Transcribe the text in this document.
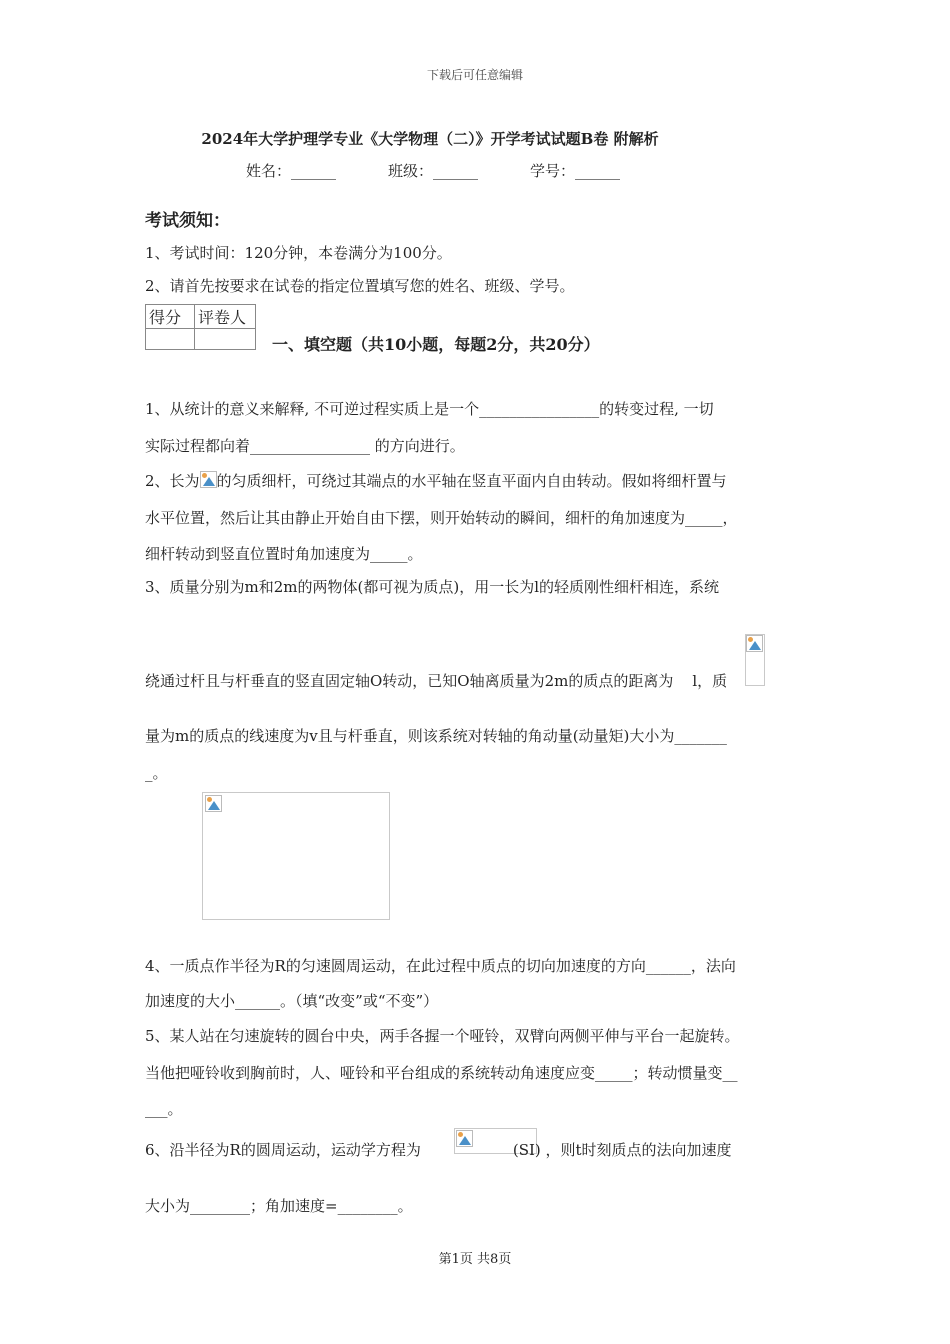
下载后可任意编辑
2024年大学护理学专业《大学物理（二）》开学考试试题B卷 附解析
姓名：______	班级：______	学号：______
考试须知：
1、考试时间：120分钟，本卷满分为100分。
2、请首先按要求在试卷的指定位置填写您的姓名、班级、学号。
得分	评卷人

一、填空题（共10小题，每题2分，共20分）
1、从统计的意义来解释, 不可逆过程实质上是一个________________的转变过程, 一切
实际过程都向着________________ 的方向进行。
2、长为 的匀质细杆，可绕过其端点的水平轴在竖直平面内自由转动。假如将细杆置与
水平位置，然后让其由静止开始自由下摆，则开始转动的瞬间，细杆的角加速度为_____，
细杆转动到竖直位置时角加速度为_____。
3、质量分别为m和2m的两物体(都可视为质点)，用一长为l的轻质刚性细杆相连，系统
绕通过杆且与杆垂直的竖直固定轴O转动，已知O轴离质量为2m的质点的距离为 l，质
量为m的质点的线速度为v且与杆垂直，则该系统对转轴的角动量(动量矩)大小为_______
_。
4、一质点作半径为R的匀速圆周运动，在此过程中质点的切向加速度的方向______，法向
加速度的大小______。（填“改变”或“不变”）
5、某人站在匀速旋转的圆台中央，两手各握一个哑铃，双臂向两侧平伸与平台一起旋转。
当他把哑铃收到胸前时，人、哑铃和平台组成的系统转动角速度应变_____；转动惯量变__
___。
6、沿半径为R的圆周运动，运动学方程为	(SI) ，则t时刻质点的法向加速度
大小为________；角加速度=________。
第1页 共8页
